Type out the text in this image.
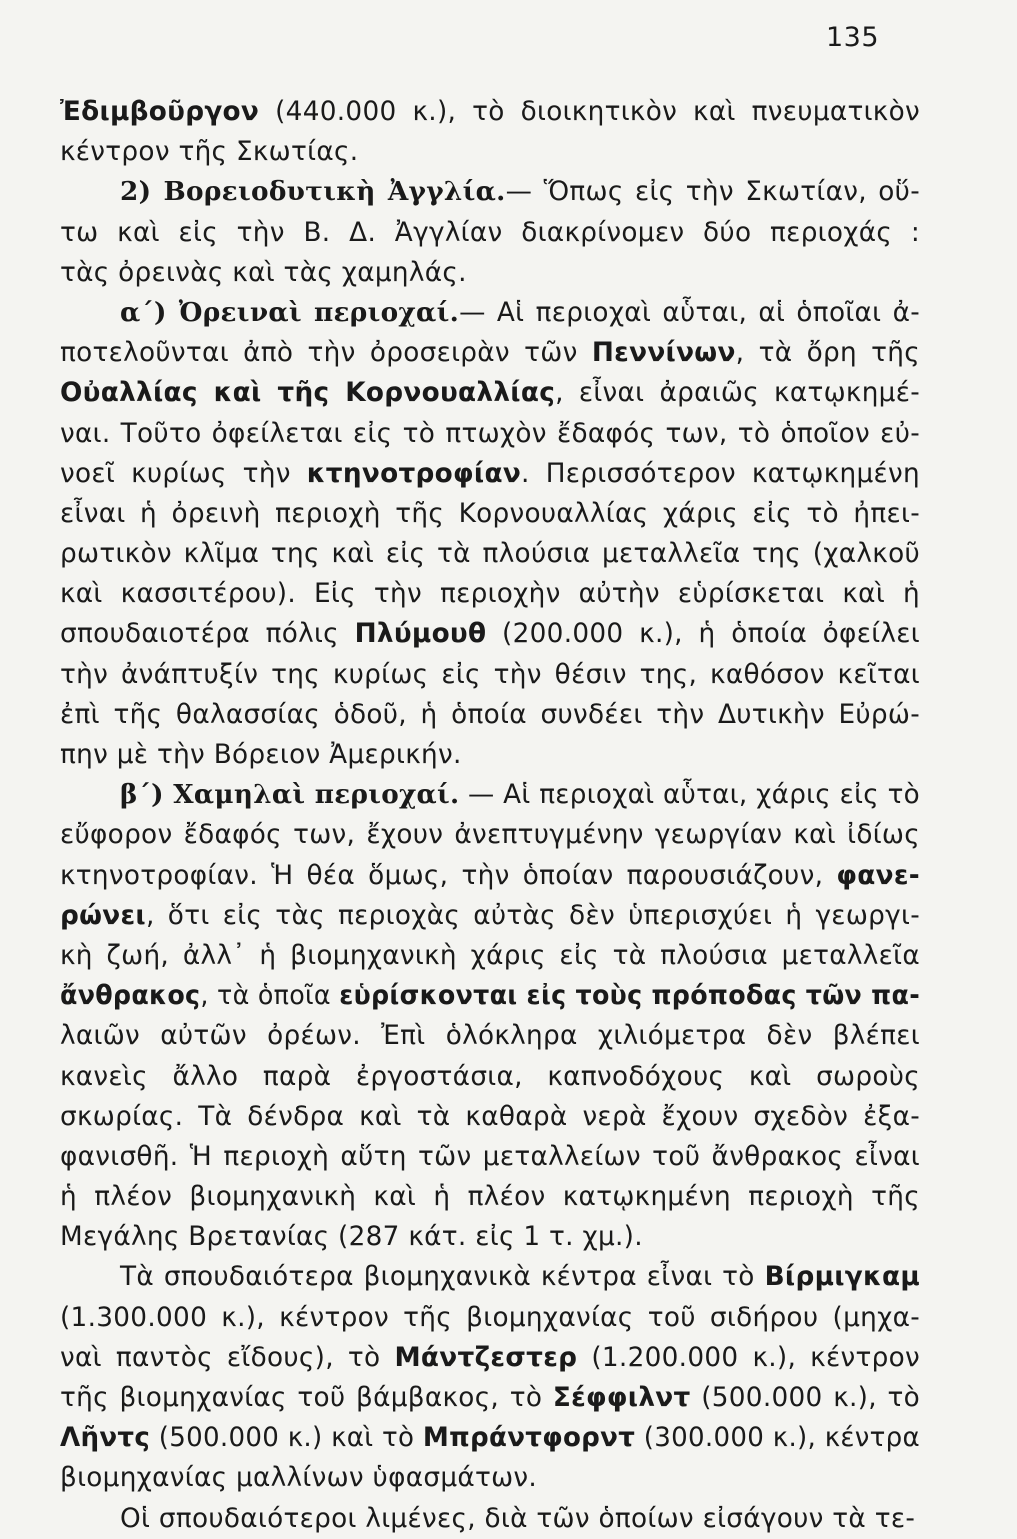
135
Ἐδιμβοῦργον (440.000 κ.), τὸ διοικητικὸν καὶ πνευματικὸν
κέντρον τῆς Σκωτίας.
2) Βορειοδυτικὴ Ἀγγλία.— Ὅπως εἰς τὴν Σκωτίαν, οὕ-
τω καὶ εἰς τὴν Β. Δ. Ἀγγλίαν διακρίνομεν δύο περιοχάς :
τὰς ὀρεινὰς καὶ τὰς χαμηλάς.
α΄) Ὀρειναὶ περιοχαί.— Αἱ περιοχαὶ αὗται, αἱ ὁποῖαι ἀ-
ποτελοῦνται ἀπὸ τὴν ὀροσειρὰν τῶν Πεννίνων, τὰ ὄρη τῆς
Οὐαλλίας καὶ τῆς Κορνουαλλίας, εἶναι ἀραιῶς κατῳκημέ-
ναι. Τοῦτο ὀφείλεται εἰς τὸ πτωχὸν ἔδαφός των, τὸ ὁποῖον εὐ-
νοεῖ κυρίως τὴν κτηνοτροφίαν. Περισσότερον κατῳκημένη
εἶναι ἡ ὀρεινὴ περιοχὴ τῆς Κορνουαλλίας χάρις εἰς τὸ ἠπει-
ρωτικὸν κλῖμα της καὶ εἰς τὰ πλούσια μεταλλεῖα της (χαλκοῦ
καὶ κασσιτέρου). Εἰς τὴν περιοχὴν αὐτὴν εὑρίσκεται καὶ ἡ
σπουδαιοτέρα πόλις Πλύμουθ (200.000 κ.), ἡ ὁποία ὀφείλει
τὴν ἀνάπτυξίν της κυρίως εἰς τὴν θέσιν της, καθόσον κεῖται
ἐπὶ τῆς θαλασσίας ὁδοῦ, ἡ ὁποία συνδέει τὴν Δυτικὴν Εὐρώ-
πην μὲ τὴν Βόρειον Ἀμερικήν.
β΄) Χαμηλαὶ περιοχαί. — Αἱ περιοχαὶ αὗται, χάρις εἰς τὸ
εὔφορον ἔδαφός των, ἔχουν ἀνεπτυγμένην γεωργίαν καὶ ἰδίως
κτηνοτροφίαν. Ἡ θέα ὅμως, τὴν ὁποίαν παρουσιάζουν, φανε-
ρώνει, ὅτι εἰς τὰς περιοχὰς αὐτὰς δὲν ὑπερισχύει ἡ γεωργι-
κὴ ζωή, ἀλλ᾽ ἡ βιομηχανικὴ χάρις εἰς τὰ πλούσια μεταλλεῖα
ἄνθρακος, τὰ ὁποῖα εὑρίσκονται εἰς τοὺς πρόποδας τῶν πα-
λαιῶν αὐτῶν ὀρέων. Ἐπὶ ὁλόκληρα χιλιόμετρα δὲν βλέπει
κανεὶς ἄλλο παρὰ ἐργοστάσια, καπνοδόχους καὶ σωροὺς
σκωρίας. Τὰ δένδρα καὶ τὰ καθαρὰ νερὰ ἔχουν σχεδὸν ἐξα-
φανισθῆ. Ἡ περιοχὴ αὕτη τῶν μεταλλείων τοῦ ἄνθρακος εἶναι
ἡ πλέον βιομηχανικὴ καὶ ἡ πλέον κατῳκημένη περιοχὴ τῆς
Μεγάλης Βρετανίας (287 κάτ. εἰς 1 τ. χμ.).
Τὰ σπουδαιότερα βιομηχανικὰ κέντρα εἶναι τὸ Βίρμιγκαμ
(1.300.000 κ.), κέντρον τῆς βιομηχανίας τοῦ σιδήρου (μηχα-
ναὶ παντὸς εἴδους), τὸ Μάντζεστερ (1.200.000 κ.), κέντρον
τῆς βιομηχανίας τοῦ βάμβακος, τὸ Σέφφιλντ (500.000 κ.), τὸ
Λῆντς (500.000 κ.) καὶ τὸ Μπράντφορντ (300.000 κ.), κέντρα
βιομηχανίας μαλλίνων ὑφασμάτων.
Οἱ σπουδαιότεροι λιμένες, διὰ τῶν ὁποίων εἰσάγουν τὰ τε-
